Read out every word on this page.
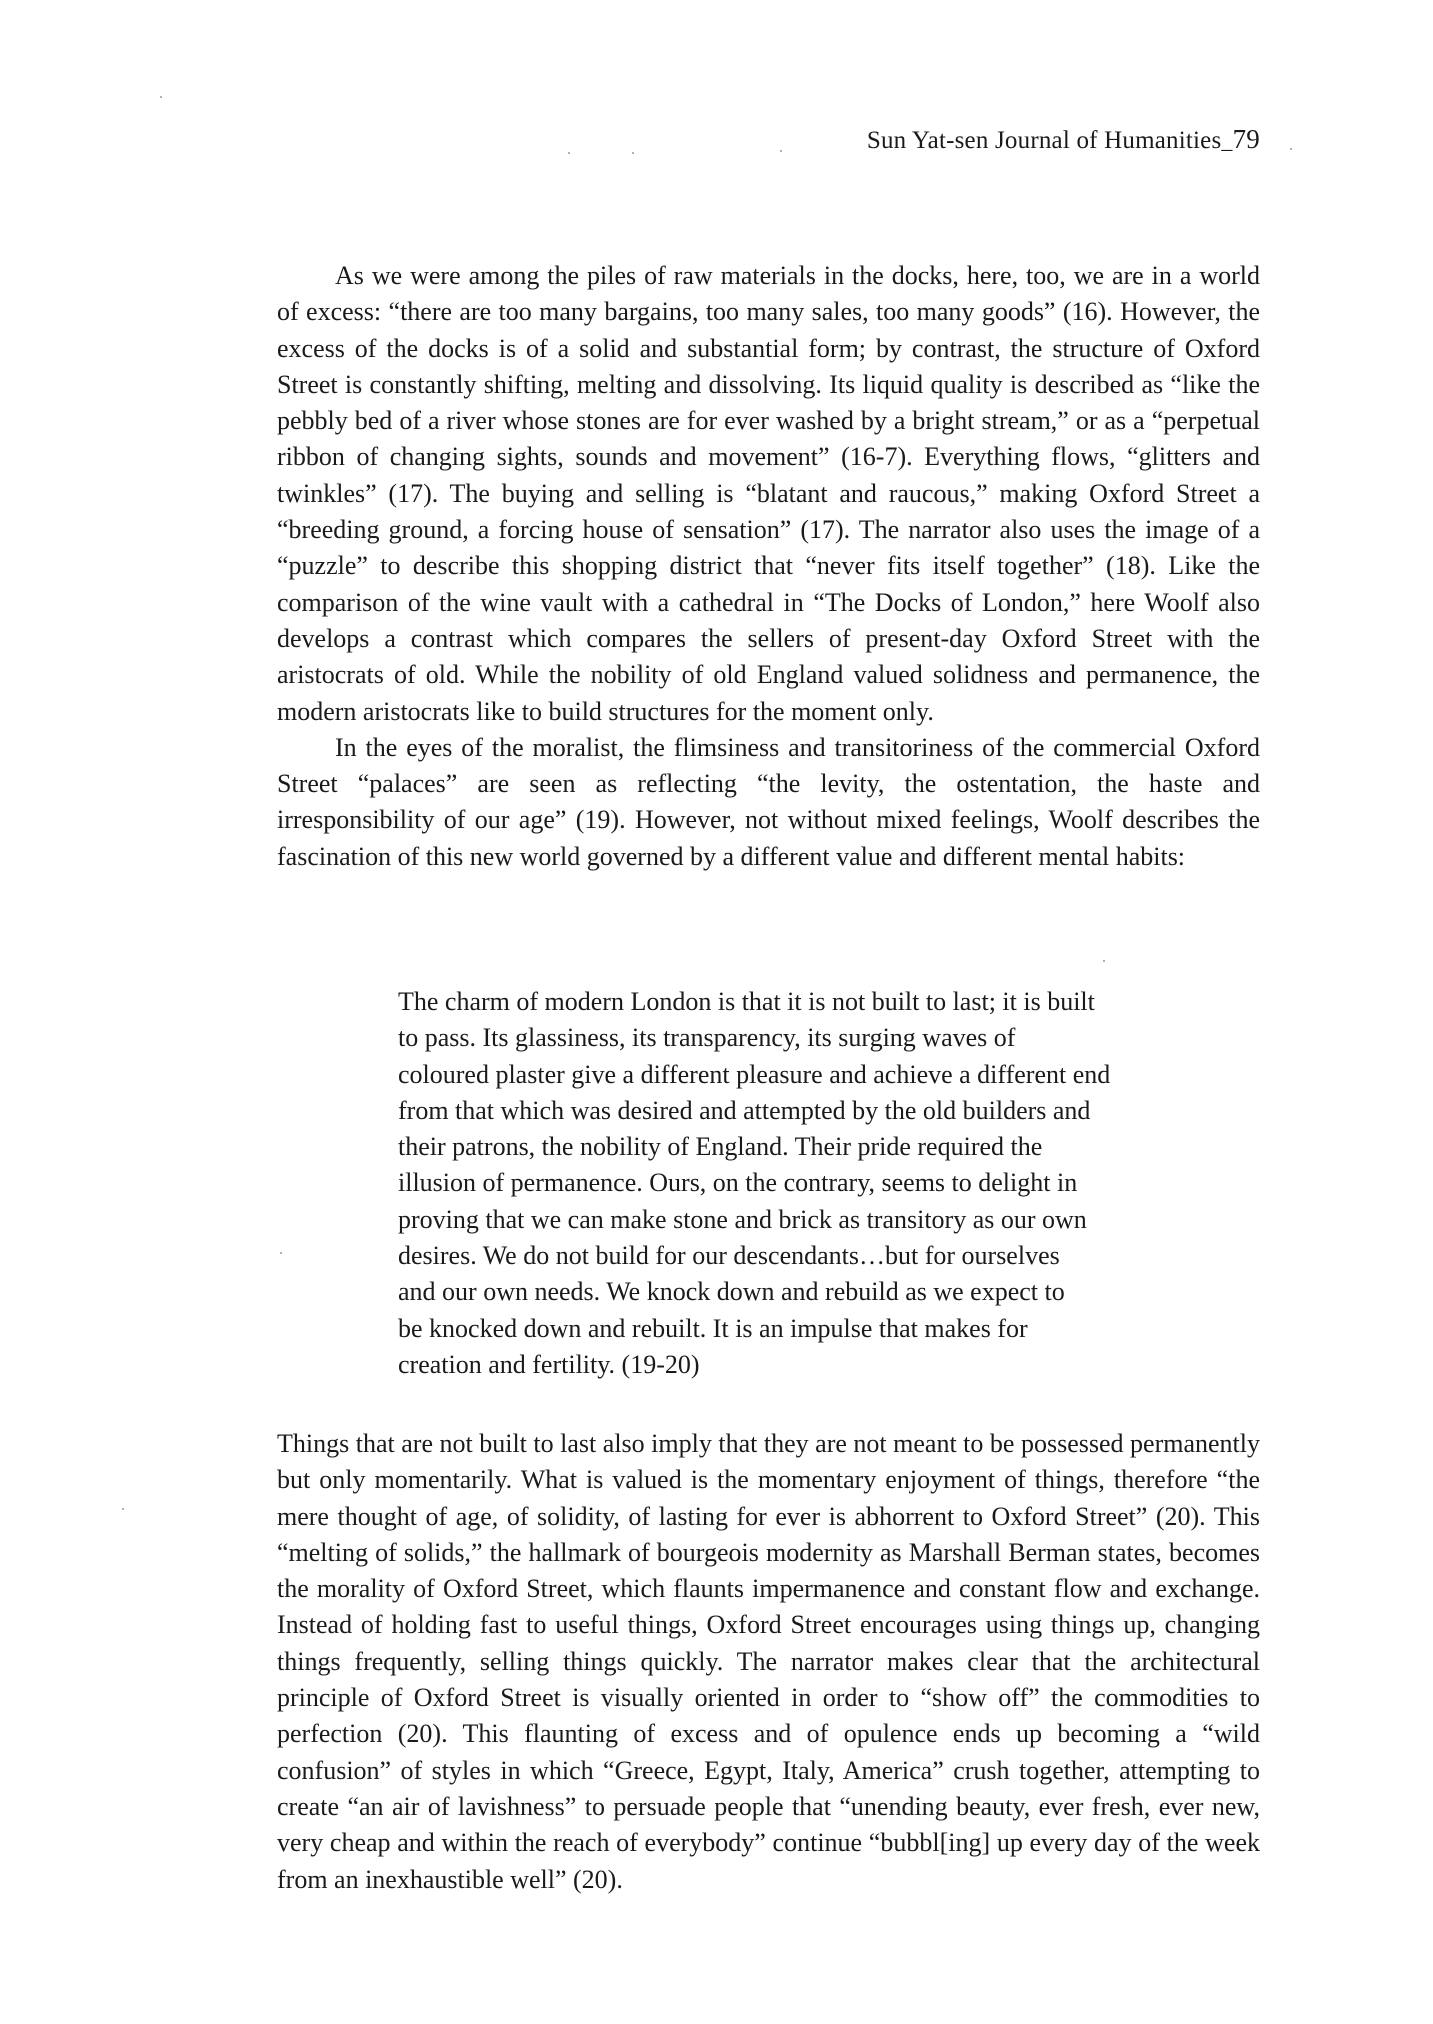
Sun Yat-sen Journal of Humanities_79

As we were among the piles of raw materials in the docks, here, too, we are in a world of excess: “there are too many bargains, too many sales, too many goods” (16). However, the excess of the docks is of a solid and substantial form; by contrast, the structure of Oxford Street is constantly shifting, melting and dissolving. Its liquid quality is described as “like the pebbly bed of a river whose stones are for ever washed by a bright stream,” or as a “perpetual ribbon of changing sights, sounds and movement” (16-7). Everything flows, “glitters and twinkles” (17). The buying and selling is “blatant and raucous,” making Oxford Street a “breeding ground, a forcing house of sensation” (17). The narrator also uses the image of a “puzzle” to describe this shopping district that “never fits itself together” (18). Like the comparison of the wine vault with a cathedral in “The Docks of London,” here Woolf also develops a contrast which compares the sellers of present-day Oxford Street with the aristocrats of old. While the nobility of old England valued solidness and permanence, the modern aristocrats like to build structures for the moment only.

In the eyes of the moralist, the flimsiness and transitoriness of the commercial Oxford Street “palaces” are seen as reflecting “the levity, the ostentation, the haste and irresponsibility of our age” (19). However, not without mixed feelings, Woolf describes the fascination of this new world governed by a different value and different mental habits:

The charm of modern London is that it is not built to last; it is built
to pass. Its glassiness, its transparency, its surging waves of
coloured plaster give a different pleasure and achieve a different end
from that which was desired and attempted by the old builders and
their patrons, the nobility of England. Their pride required the
illusion of permanence. Ours, on the contrary, seems to delight in
proving that we can make stone and brick as transitory as our own
desires. We do not build for our descendants…but for ourselves
and our own needs. We knock down and rebuild as we expect to
be knocked down and rebuilt. It is an impulse that makes for
creation and fertility. (19-20)

Things that are not built to last also imply that they are not meant to be possessed permanently but only momentarily. What is valued is the momentary enjoyment of things, therefore “the mere thought of age, of solidity, of lasting for ever is abhorrent to Oxford Street” (20). This “melting of solids,” the hallmark of bourgeois modernity as Marshall Berman states, becomes the morality of Oxford Street, which flaunts impermanence and constant flow and exchange. Instead of holding fast to useful things, Oxford Street encourages using things up, changing things frequently, selling things quickly. The narrator makes clear that the architectural principle of Oxford Street is visually oriented in order to “show off” the commodities to perfection (20). This flaunting of excess and of opulence ends up becoming a “wild confusion” of styles in which “Greece, Egypt, Italy, America” crush together, attempting to create “an air of lavishness” to persuade people that “unending beauty, ever fresh, ever new, very cheap and within the reach of everybody” continue “bubbl[ing] up every day of the week from an inexhaustible well” (20).
